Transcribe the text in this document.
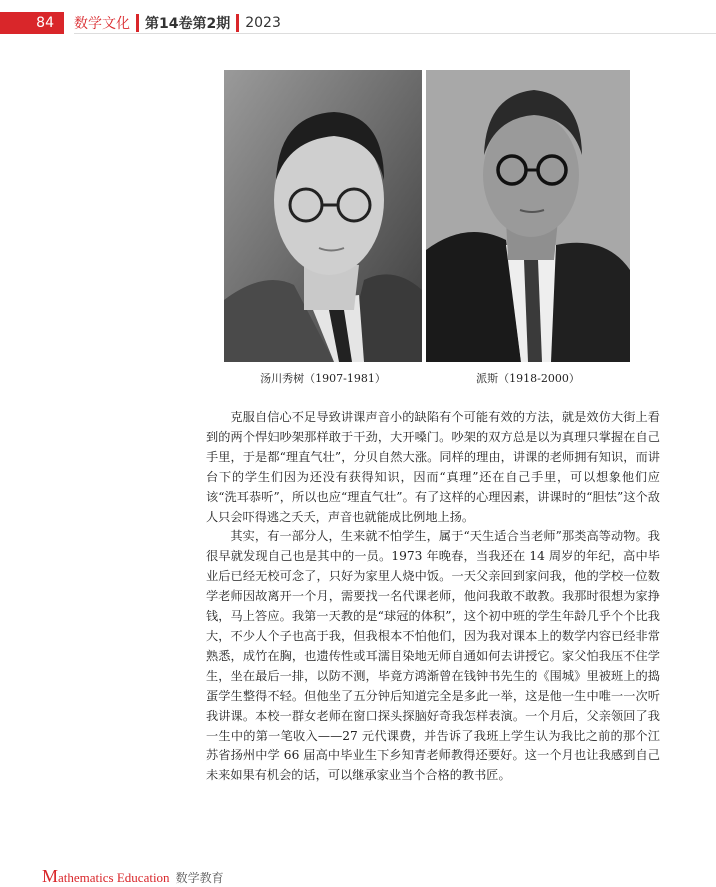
84	数学文化 第14卷第2期 2023
汤川秀树（1907-1981）	派斯（1918-2000）

克服自信心不足导致讲课声音小的缺陷有个可能有效的方法，就是效仿大街上看到的两个悍妇吵架那样敢于干劲，大开嗓门。吵架的双方总是以为真理只掌握在自己手里，于是都“理直气壮”，分贝自然大涨。同样的理由，讲课的老师拥有知识，而讲台下的学生们因为还没有获得知识，因而“真理”还在自己手里，可以想象他们应该“洗耳恭听”，所以也应“理直气壮”。有了这样的心理因素，讲课时的“胆怯”这个敌人只会吓得逃之夭夭，声音也就能成比例地上扬。

其实，有一部分人，生来就不怕学生，属于“天生适合当老师”那类高等动物。我很早就发现自己也是其中的一员。1973 年晚春，当我还在 14 周岁的年纪，高中毕业后已经无校可念了，只好为家里人烧中饭。一天父亲回到家问我，他的学校一位数学老师因故离开一个月，需要找一名代课老师，他问我敢不敢教。我那时很想为家挣钱，马上答应。我第一天教的是“球冠的体积”，这个初中班的学生年龄几乎个个比我大，不少人个子也高于我，但我根本不怕他们，因为我对课本上的数学内容已经非常熟悉，成竹在胸，也遗传性或耳濡目染地无师自通如何去讲授它。家父怕我压不住学生，坐在最后一排，以防不测，毕竟方鸿渐曾在钱钟书先生的《围城》里被班上的捣蛋学生整得不轻。但他坐了五分钟后知道完全是多此一举，这是他一生中唯一一次听我讲课。本校一群女老师在窗口探头探脑好奇我怎样表演。一个月后，父亲领回了我一生中的第一笔收入——27 元代课费，并告诉了我班上学生认为我比之前的那个江苏省扬州中学 66 届高中毕业生下乡知青老师教得还要好。这一个月也让我感到自己未来如果有机会的话，可以继承家业当个合格的教书匠。

Mathematics Education 数学教育
